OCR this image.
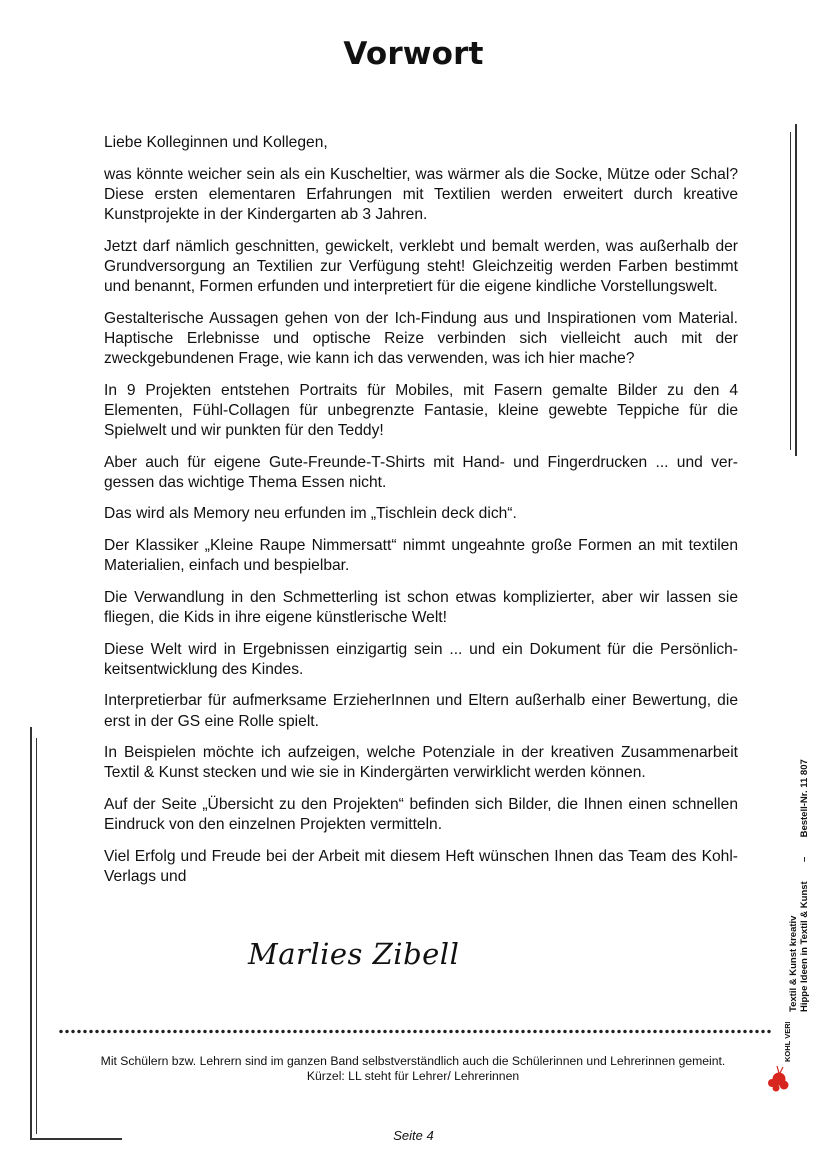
Vorwort

Liebe Kolleginnen und Kollegen,

was könnte weicher sein als ein Kuscheltier, was wärmer als die Socke, Mütze oder Schal? Diese ersten elementaren Erfahrungen mit Textilien werden erweitert durch kreative Kunstprojekte in der Kindergarten ab 3 Jahren.

Jetzt darf nämlich geschnitten, gewickelt, verklebt und bemalt werden, was außerhalb der Grundversorgung an Textilien zur Verfügung steht! Gleichzeitig werden Farben bestimmt und benannt, Formen erfunden und interpretiert für die eigene kindliche Vorstellungswelt.

Gestalterische Aussagen gehen von der Ich-Findung aus und Inspirationen vom Material. Haptische Erlebnisse und optische Reize verbinden sich vielleicht auch mit der zweckgebundenen Frage, wie kann ich das verwenden, was ich hier mache?

In 9 Projekten entstehen Portraits für Mobiles, mit Fasern gemalte Bilder zu den 4 Elementen, Fühl-Collagen für unbegrenzte Fantasie, kleine gewebte Teppiche für die Spielwelt und wir punkten für den Teddy!

Aber auch für eigene Gute-Freunde-T-Shirts mit Hand- und Fingerdrucken ... und vergessen das wichtige Thema Essen nicht.

Das wird als Memory neu erfunden im „Tischlein deck dich“.

Der Klassiker „Kleine Raupe Nimmersatt“ nimmt ungeahnte große Formen an mit textilen Materialien, einfach und bespielbar.

Die Verwandlung in den Schmetterling ist schon etwas komplizierter, aber wir lassen sie fliegen, die Kids in ihre eigene künstlerische Welt!

Diese Welt wird in Ergebnissen einzigartig sein ... und ein Dokument für die Persönlichkeitsentwicklung des Kindes.

Interpretierbar für aufmerksame ErzieherInnen und Eltern außerhalb einer Bewertung, die erst in der GS eine Rolle spielt.

In Beispielen möchte ich aufzeigen, welche Potenziale in der kreativen Zusammenarbeit Textil & Kunst stecken und wie sie in Kindergärten verwirklicht werden können.

Auf der Seite „Übersicht zu den Projekten“ befinden sich Bilder, die Ihnen einen schnellen Eindruck von den einzelnen Projekten vermitteln.

Viel Erfolg und Freude bei der Arbeit mit diesem Heft wünschen Ihnen das Team des Kohl-Verlags und

Marlies Zibell
Mit Schülern bzw. Lehrern sind im ganzen Band selbstverständlich auch die Schülerinnen und Lehrerinnen gemeint.
Kürzel: LL steht für Lehrer/ Lehrerinnen
Seite 4
Textil & Kunst kreativ Hippe Ideen in Textil & Kunst  –  Bestell-Nr. 11 807
KOHL VERLAG
